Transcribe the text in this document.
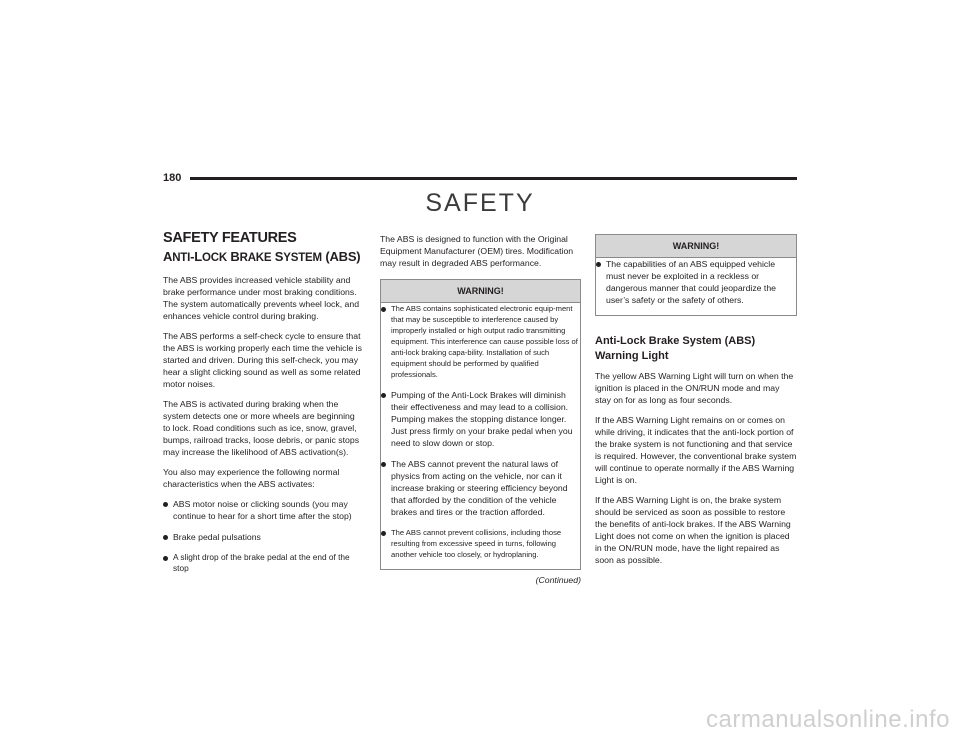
180
SAFETY
SAFETY FEATURES
ANTI-LOCK BRAKE SYSTEM (ABS)

The ABS provides increased vehicle stability and brake performance under most braking conditions. The system automatically prevents wheel lock, and enhances vehicle control during braking.

The ABS performs a self-check cycle to ensure that the ABS is working properly each time the vehicle is started and driven. During this self-check, you may hear a slight clicking sound as well as some related motor noises.

The ABS is activated during braking when the system detects one or more wheels are beginning to lock. Road conditions such as ice, snow, gravel, bumps, railroad tracks, loose debris, or panic stops may increase the likelihood of ABS activation(s).

You also may experience the following normal characteristics when the ABS activates:

ABS motor noise or clicking sounds (you may continue to hear for a short time after the stop)
Brake pedal pulsations
A slight drop of the brake pedal at the end of the stop

The ABS is designed to function with the Original Equipment Manufacturer (OEM) tires. Modification may result in degraded ABS performance.

WARNING!
The ABS contains sophisticated electronic equip-ment that may be susceptible to interference caused by improperly installed or high output radio transmitting equipment. This interference can cause possible loss of anti-lock braking capa-bility. Installation of such equipment should be performed by qualified professionals.
Pumping of the Anti-Lock Brakes will diminish their effectiveness and may lead to a collision. Pumping makes the stopping distance longer. Just press firmly on your brake pedal when you need to slow down or stop.
The ABS cannot prevent the natural laws of physics from acting on the vehicle, nor can it increase braking or steering efficiency beyond that afforded by the condition of the vehicle brakes and tires or the traction afforded.
The ABS cannot prevent collisions, including those resulting from excessive speed in turns, following another vehicle too closely, or hydroplaning.
(Continued)
WARNING!
The capabilities of an ABS equipped vehicle must never be exploited in a reckless or dangerous manner that could jeopardize the user’s safety or the safety of others.
Anti-Lock Brake System (ABS) Warning Light

The yellow ABS Warning Light will turn on when the ignition is placed in the ON/RUN mode and may stay on for as long as four seconds.

If the ABS Warning Light remains on or comes on while driving, it indicates that the anti-lock portion of the brake system is not functioning and that service is required. However, the conventional brake system will continue to operate normally if the ABS Warning Light is on.

If the ABS Warning Light is on, the brake system should be serviced as soon as possible to restore the benefits of anti-lock brakes. If the ABS Warning Light does not come on when the ignition is placed in the ON/RUN mode, have the light repaired as soon as possible.

carmanualsonline.info
